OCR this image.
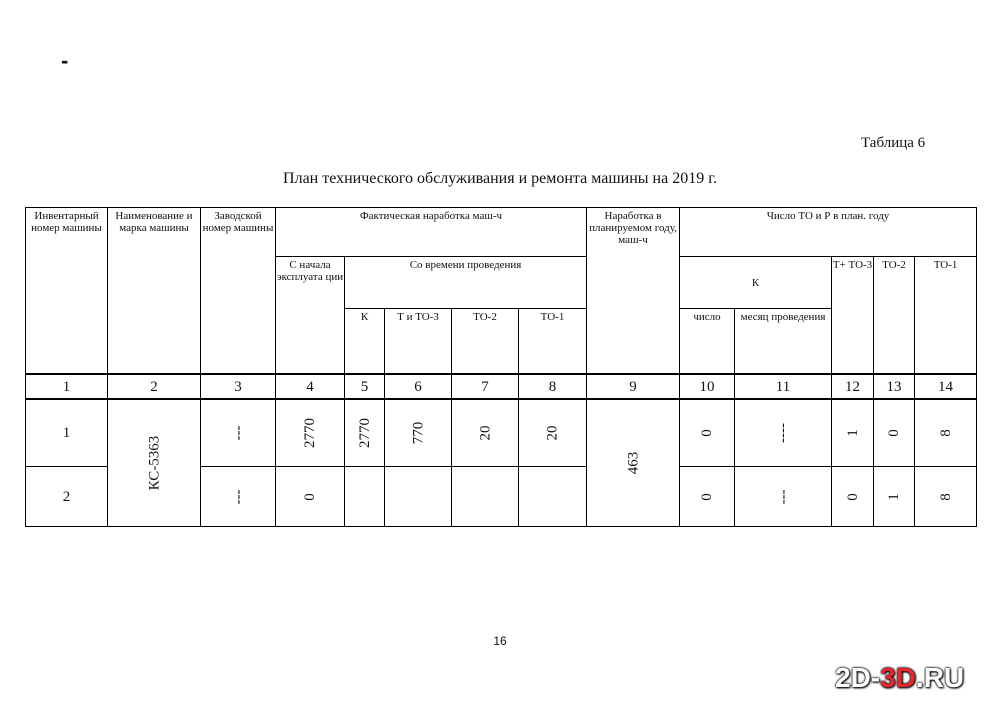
-
Таблица 6
План технического обслуживания и ремонта машины на 2019 г.
Инвентарный номер машины	Наименование и марка машины	Заводской номер машины	Фактическая наработка маш-ч					Наработка в планируемом году, маш-ч	Число ТО и Р в план. году				
			С начала эксплуата ции	Со времени проведения					К		Т+ ТО-3	ТО-2	ТО-1
				К	Т и ТО-3	ТО-2	ТО-1		число	месяц проведения			
1	2	3	4	5	6	7	8	9	10	11	12	13	14
1	КС-5363	---	2770	2770	770	20	20	463	0	----	1	0	8
2		---	0						0	---	0	1	8
16
2D-3D.RU
